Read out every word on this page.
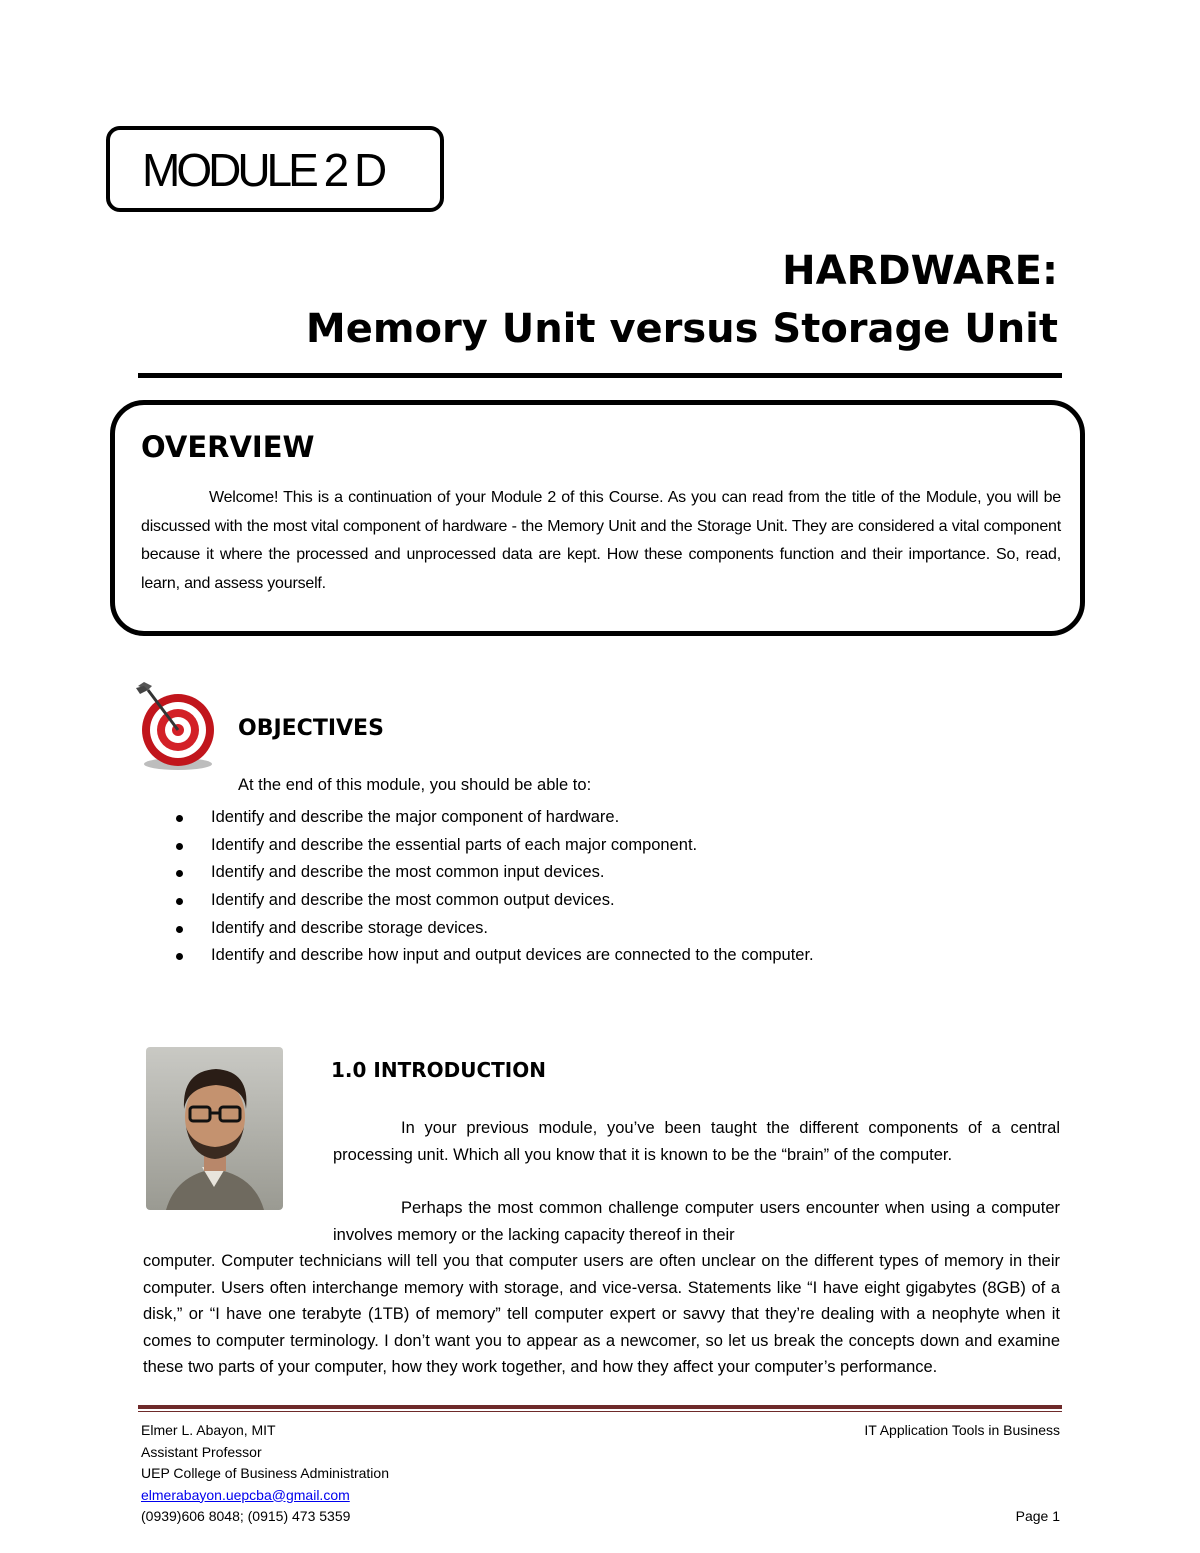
MODULE 2 D
HARDWARE:
Memory Unit versus Storage Unit
OVERVIEW
Welcome! This is a continuation of your Module 2 of this Course. As you can read from the title of the Module, you will be discussed with the most vital component of hardware - the Memory Unit and the Storage Unit. They are considered a vital component because it where the processed and unprocessed data are kept. How these components function and their importance. So, read, learn, and assess yourself.
OBJECTIVES
At the end of this module, you should be able to:
Identify and describe the major component of hardware.
Identify and describe the essential parts of each major component.
Identify and describe the most common input devices.
Identify and describe the most common output devices.
Identify and describe storage devices.
Identify and describe how input and output devices are connected to the computer.
1.0 INTRODUCTION
In your previous module, you’ve been taught the different components of a central processing unit. Which all you know that it is known to be the “brain” of the computer.
Perhaps the most common challenge computer users encounter when using a computer involves memory or the lacking capacity thereof in their
computer. Computer technicians will tell you that computer users are often unclear on the different types of memory in their computer. Users often interchange memory with storage, and vice-versa. Statements like “I have eight gigabytes (8GB) of a disk,” or “I have one terabyte (1TB) of memory” tell computer expert or savvy that they’re dealing with a neophyte when it comes to computer terminology. I don’t want you to appear as a newcomer, so let us break the concepts down and examine these two parts of your computer, how they work together, and how they affect your computer’s performance.
Elmer L. Abayon, MIT
Assistant Professor
UEP College of Business Administration
elmerabayon.uepcba@gmail.com
(0939)606 8048; (0915) 473 5359
IT Application Tools in Business
Page 1
